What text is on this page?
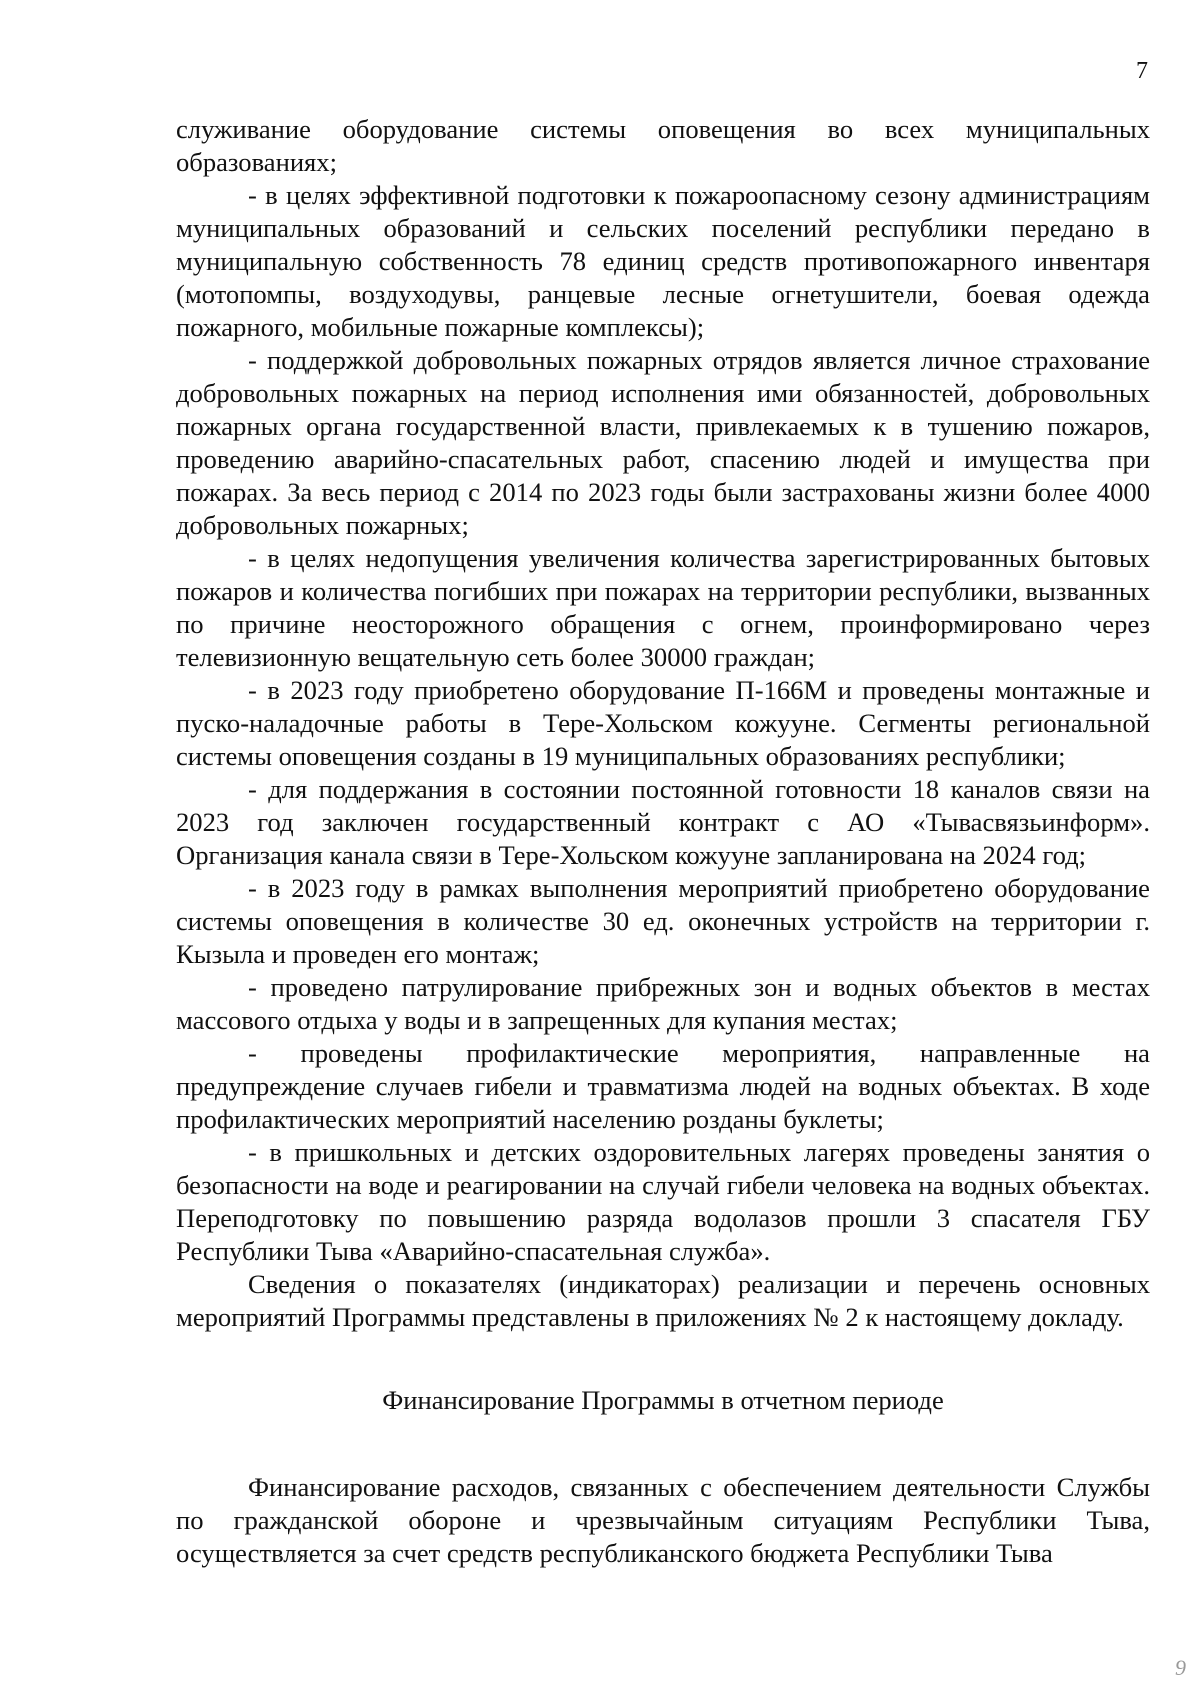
7

служивание оборудование системы оповещения во всех муниципальных образованиях;

- в целях эффективной подготовки к пожароопасному сезону администрациям муниципальных образований и сельских поселений республики передано в муниципальную собственность 78 единиц средств противопожарного инвентаря (мотопомпы, воздуходувы, ранцевые лесные огнетушители, боевая одежда пожарного, мобильные пожарные комплексы);

- поддержкой добровольных пожарных отрядов является личное страхование добровольных пожарных на период исполнения ими обязанностей, добровольных пожарных органа государственной власти, привлекаемых к в тушению пожаров, проведению аварийно-спасательных работ, спасению людей и имущества при пожарах. За весь период с 2014 по 2023 годы были застрахованы жизни более 4000 добровольных пожарных;

- в целях недопущения увеличения количества зарегистрированных бытовых пожаров и количества погибших при пожарах на территории республики, вызванных по причине неосторожного обращения с огнем, проинформировано через телевизионную вещательную сеть более 30000 граждан;

- в 2023 году приобретено оборудование П-166М и проведены монтажные и пуско-наладочные работы в Тере-Хольском кожууне. Сегменты региональной системы оповещения созданы в 19 муниципальных образованиях республики;

- для поддержания в состоянии постоянной готовности 18 каналов связи на 2023 год заключен государственный контракт с АО «Тывасвязьинформ». Организация канала связи в Тере-Хольском кожууне запланирована на 2024 год;

- в 2023 году в рамках выполнения мероприятий приобретено оборудование системы оповещения в количестве 30 ед. оконечных устройств на территории г. Кызыла и проведен его монтаж;

- проведено патрулирование прибрежных зон и водных объектов в местах массового отдыха у воды и в запрещенных для купания местах;

- проведены профилактические мероприятия, направленные на предупреждение случаев гибели и травматизма людей на водных объектах. В ходе профилактических мероприятий населению розданы буклеты;

- в пришкольных и детских оздоровительных лагерях проведены занятия о безопасности на воде и реагировании на случай гибели человека на водных объектах. Переподготовку по повышению разряда водолазов прошли 3 спасателя ГБУ Республики Тыва «Аварийно-спасательная служба».

Сведения о показателях (индикаторах) реализации и перечень основных мероприятий Программы представлены в приложениях № 2 к настоящему докладу.

Финансирование Программы в отчетном периоде

Финансирование расходов, связанных с обеспечением деятельности Службы по гражданской обороне и чрезвычайным ситуациям Республики Тыва, осуществляется за счет средств республиканского бюджета Республики Тыва

9
